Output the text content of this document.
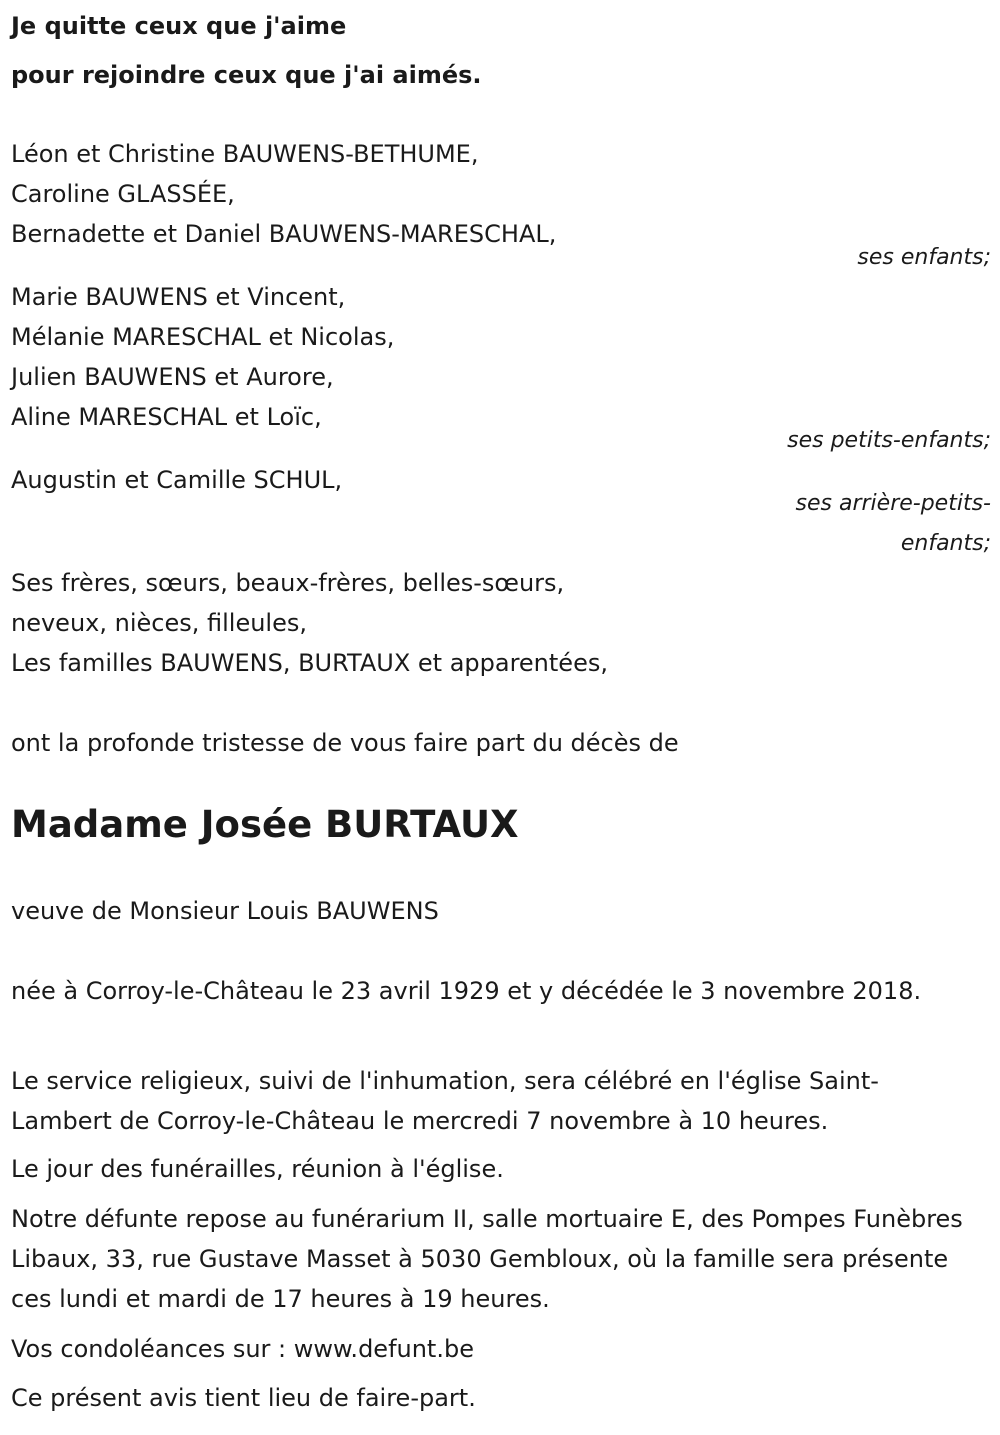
Je quitte ceux que j'aime

pour rejoindre ceux que j'ai aimés.

Léon et Christine BAUWENS-BETHUME,

Caroline GLASSÉE,

Bernadette et Daniel BAUWENS-MARESCHAL,

ses enfants;

Marie BAUWENS et Vincent,

Mélanie MARESCHAL et Nicolas,

Julien BAUWENS et Aurore,

Aline MARESCHAL et Loïc,

ses petits-enfants;

Augustin et Camille SCHUL,

ses arrière-petits-

enfants;

Ses frères, sœurs, beaux-frères, belles-sœurs,

neveux, nièces, filleules,

Les familles BAUWENS, BURTAUX et apparentées,

ont la profonde tristesse de vous faire part du décès de

Madame Josée BURTAUX

veuve de Monsieur Louis BAUWENS

née à Corroy-le-Château le 23 avril 1929 et y décédée le 3 novembre 2018.

Le service religieux, suivi de l'inhumation, sera célébré en l'église Saint-Lambert de Corroy-le-Château le mercredi 7 novembre à 10 heures.

Le jour des funérailles, réunion à l'église.

Notre défunte repose au funérarium II, salle mortuaire E, des Pompes Funèbres Libaux, 33, rue Gustave Masset à 5030 Gembloux, où la famille sera présente ces lundi et mardi de 17 heures à 19 heures.

Vos condoléances sur : www.defunt.be

Ce présent avis tient lieu de faire-part.
